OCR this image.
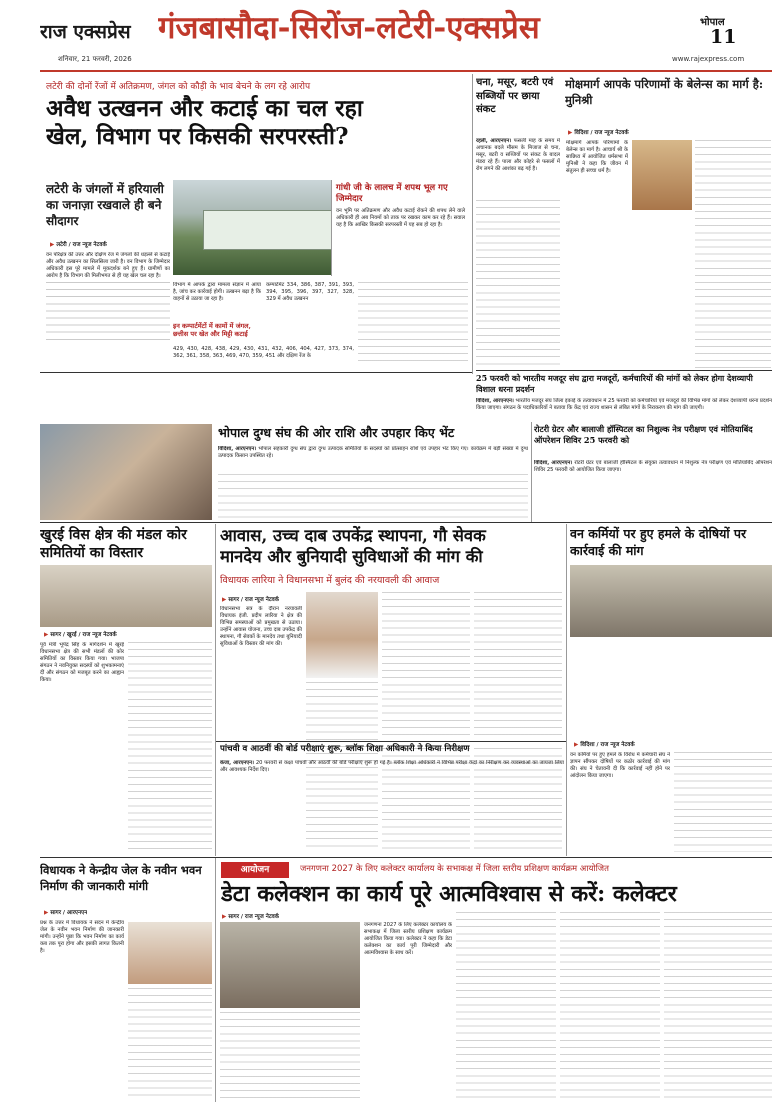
राज एक्सप्रेस
शनिवार, 21 फरवरी, 2026
गंजबासौदा-सिरोंज-लटेरी-एक्सप्रेस	भोपाल
11
www.rajexpress.com
लटेरी की दोनों रेंजों में अतिक्रमण, जंगल को कौड़ी के भाव बेचने के लग रहे आरोप
अवैध उत्खनन और कटाई का चल रहा
खेल, विभाग पर किसकी सरपरस्ती?
लटेरी के जंगलों में हरियाली का जनाज़ा रखवाले ही बने सौदागर
▶ लटेरी / राज न्यूज नेटवर्क
वन परिक्षेत्र की उत्तर और दक्षिण रेंज में जंगलों की धड़ल्ले से कटाई और अवैध उत्खनन का सिलसिला जारी है। वन विभाग के जिम्मेदार अधिकारी इस पूरे मामले में मूकदर्शक बने हुए हैं। ग्रामीणों का आरोप है कि विभाग की मिलीभगत से ही यह खेल चल रहा है।
गांधी जी के लालच में शपथ भूल गए जिम्मेदार
वन भूमि पर अतिक्रमण और अवैध कटाई रोकने की शपथ लेने वाले अधिकारी ही अब नियमों को ताक पर रखकर काम कर रहे हैं। सवाल यह है कि आखिर किसकी सरपरस्ती में यह सब हो रहा है।
विभाग में आपके द्वारा मामला संज्ञान में आया है, जांच कर कार्रवाई होगी। उत्खनन बढ़ा है कि वाहनों से उठाया जा रहा है।
इन कम्पार्टमेंटों में कामों में जंगल, छत्तीस पर खेत और मिट्टी कटाई
कम्पार्टमेंट 334, 386, 387, 391, 393, 394, 395, 396, 397, 327, 328, 329 में अवैध उत्खनन
429, 430, 428, 438, 429, 430, 431, 432, 406, 404, 427, 373, 374, 362, 361, 358, 363, 469, 470, 359, 451 और दक्षिण रेंज के
चना, मसूर, बटरी एवं सब्जियों पर छाया संकट
रहली, आरएनएन। फसली माह के समय में अचानक बदले मौसम के मिजाज से चना, मसूर, बटरी व सब्जियों पर संकट के बादल मंडरा रहे हैं। पाला और कोहरे से फसलों में रोग लगने की आशंका बढ़ गई है।
मोक्षमार्ग आपके परिणामों के बेलेन्स का मार्ग है: मुनिश्री
▶ विदिशा / राज न्यूज नेटवर्क
मोक्षमार्ग आपके परिणामों के बेलेन्स का मार्ग है। आचार्य श्री के सान्निध्य में आयोजित धर्मसभा में मुनिश्री ने कहा कि जीवन में संतुलन ही सच्चा धर्म है।
25 फरवरी को भारतीय मजदूर संघ द्वारा मजदूरों, कर्मचारियों की मांगों को लेकर होगा देशव्यापी विशाल धरना प्रदर्शन
विदिशा, आरएनएन। भारतीय मजदूर संघ जिला इकाई के तत्वावधान में 25 फरवरी को कर्मचारियों एवं मजदूरों की विभिन्न मांगों को लेकर देशव्यापी धरना प्रदर्शन किया जाएगा। संगठन के पदाधिकारियों ने बताया कि केंद्र एवं राज्य शासन से लंबित मांगों के निराकरण की मांग की जाएगी।
भोपाल दुग्ध संघ की ओर राशि और उपहार किए भेंट
विदिशा, आरएनएन। भोपाल सहकारी दुग्ध संघ द्वारा दुग्ध उत्पादक समितियों के सदस्यों को प्रोत्साहन राशि एवं उपहार भेंट किए गए। कार्यक्रम में बड़ी संख्या में दुग्ध उत्पादक किसान उपस्थित रहे।
रोटरी ग्रेटर और बालाजी हॉस्पिटल का निशुल्क नेत्र परीक्षण एवं मोतियाबिंद ऑपरेशन शिविर 25 फरवरी को
विदिशा, आरएनएन। रोटरी ग्रेटर एवं बालाजी हॉस्पिटल के संयुक्त तत्वावधान में निशुल्क नेत्र परीक्षण एवं मोतियाबिंद ऑपरेशन शिविर 25 फरवरी को आयोजित किया जाएगा।
खुरई विस क्षेत्र की मंडल कोर समितियों का विस्तार
▶ सागर / खुरई / राज न्यूज नेटवर्क
पूर्व मंत्री भूपेंद्र सिंह के मार्गदर्शन में खुरई विधानसभा क्षेत्र की सभी मंडलों की कोर समितियों का विस्तार किया गया। भाजपा संगठन ने नवनियुक्त सदस्यों को शुभकामनाएं दीं और संगठन को मजबूत करने का आह्वान किया।
आवास, उच्च दाब उपकेंद्र स्थापना, गौ सेवक
मानदेय और बुनियादी सुविधाओं की मांग की
विधायक लारिया ने विधानसभा में बुलंद की नरयावली की आवाज
▶ सागर / राज न्यूज नेटवर्क
विधानसभा सत्र के दौरान नरयावली विधायक इंजी. प्रदीप लारिया ने क्षेत्र की विभिन्न समस्याओं को प्रमुखता से उठाया। उन्होंने आवास योजना, उच्च दाब उपकेंद्र की स्थापना, गौ सेवकों के मानदेय तथा बुनियादी सुविधाओं के विस्तार की मांग की।
वन कर्मियों पर हुए हमले के दोषियों पर कार्रवाई की मांग
▶ विदिशा / राज न्यूज नेटवर्क
वन कर्मियों पर हुए हमले के विरोध में कर्मचारी संघ ने ज्ञापन सौंपकर दोषियों पर कठोर कार्रवाई की मांग की। संघ ने चेतावनी दी कि कार्रवाई नहीं होने पर आंदोलन किया जाएगा।
पांचवी व आठवीं की बोर्ड परीक्षाएं शुरू, ब्लॉक शिक्षा अधिकारी ने किया निरीक्षण
कंजा, आरएनएन। 20 फरवरी से कक्षा पांचवी और आठवीं की बोर्ड परीक्षाएं शुरू हो गई हैं। ब्लॉक शिक्षा अधिकारी ने विभिन्न परीक्षा केंद्रों का निरीक्षण कर व्यवस्थाओं का जायजा लिया और आवश्यक निर्देश दिए।
विधायक ने केन्द्रीय जेल के नवीन भवन निर्माण की जानकारी मांगी
▶ सागर / आरएनएन
प्रश्न के उत्तर में विधायक ने सदन में केन्द्रीय जेल के नवीन भवन निर्माण की जानकारी मांगी। उन्होंने पूछा कि भवन निर्माण का कार्य कब तक पूरा होगा और इसकी लागत कितनी है।
आयोजन	जनगणना 2027 के लिए कलेक्टर कार्यालय के सभाकक्ष में जिला स्तरीय प्रशिक्षण कार्यक्रम आयोजित
डेटा कलेक्शन का कार्य पूरे आत्मविश्वास से करें: कलेक्टर
▶ सागर / राज न्यूज नेटवर्क
जनगणना 2027 के लिए कलेक्टर कार्यालय के सभाकक्ष में जिला स्तरीय प्रशिक्षण कार्यक्रम आयोजित किया गया। कलेक्टर ने कहा कि डेटा कलेक्शन का कार्य पूरी जिम्मेदारी और आत्मविश्वास के साथ करें।
